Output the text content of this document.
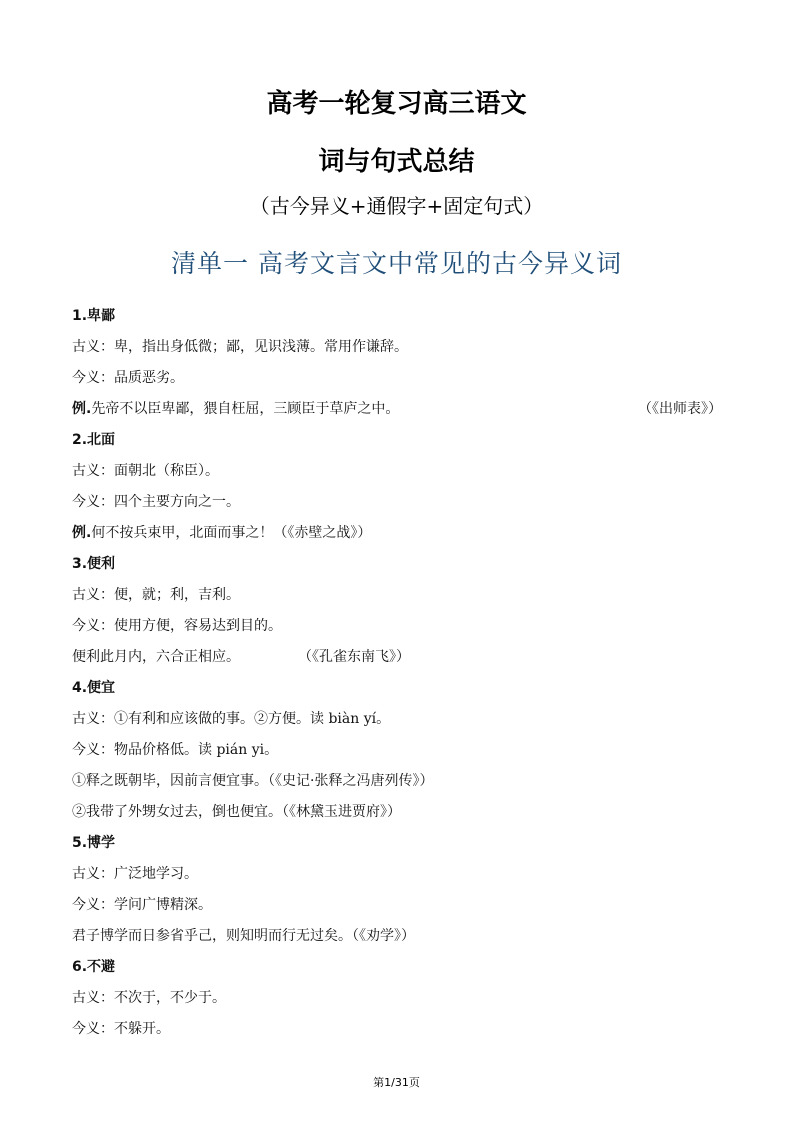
高考一轮复习高三语文
词与句式总结
（古今异义+通假字+固定句式）
清单一 高考文言文中常见的古今异义词
1.卑鄙
古义：卑，指出身低微；鄙，见识浅薄。常用作谦辞。
今义：品质恶劣。
例.先帝不以臣卑鄙，猥自枉屈，三顾臣于草庐之中。	（《出师表》）
2.北面
古义：面朝北（称臣）。
今义：四个主要方向之一。
例.何不按兵束甲，北面而事之！（《赤壁之战》）
3.便利
古义：便，就；利，吉利。
今义：使用方便，容易达到目的。
便利此月内，六合正相应。	（《孔雀东南飞》）
4.便宜
古义：①有利和应该做的事。②方便。读 biàn yí。
今义：物品价格低。读 pián yi。
①释之既朝毕，因前言便宜事。（《史记·张释之冯唐列传》）
②我带了外甥女过去，倒也便宜。（《林黛玉进贾府》）
5.博学
古义：广泛地学习。
今义：学问广博精深。
君子博学而日参省乎己，则知明而行无过矣。（《劝学》）
6.不避
古义：不次于，不少于。
今义：不躲开。
第1/31页
